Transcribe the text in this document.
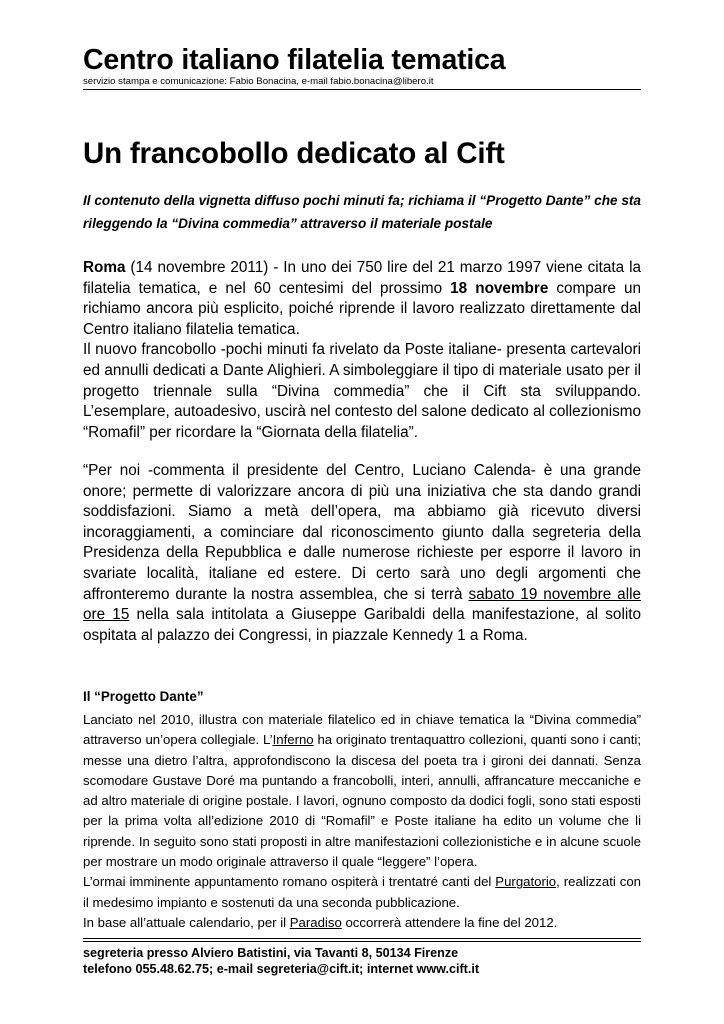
Centro italiano filatelia tematica
servizio stampa e comunicazione: Fabio Bonacina, e-mail fabio.bonacina@libero.it
Un francobollo dedicato al Cift
Il contenuto della vignetta diffuso pochi minuti fa; richiama il “Progetto Dante” che sta rileggendo la “Divina commedia” attraverso il materiale postale

Roma (14 novembre 2011) - In uno dei 750 lire del 21 marzo 1997 viene citata la filatelia tematica, e nel 60 centesimi del prossimo 18 novembre compare un richiamo ancora più esplicito, poiché riprende il lavoro realizzato direttamente dal Centro italiano filatelia tematica.

Il nuovo francobollo -pochi minuti fa rivelato da Poste italiane- presenta cartevalori ed annulli dedicati a Dante Alighieri. A simboleggiare il tipo di materiale usato per il progetto triennale sulla “Divina commedia” che il Cift sta sviluppando. L’esemplare, autoadesivo, uscirà nel contesto del salone dedicato al collezionismo “Romafil” per ricordare la “Giornata della filatelia”.

“Per noi -commenta il presidente del Centro, Luciano Calenda- è una grande onore; permette di valorizzare ancora di più una iniziativa che sta dando grandi soddisfazioni. Siamo a metà dell’opera, ma abbiamo già ricevuto diversi incoraggiamenti, a cominciare dal riconoscimento giunto dalla segreteria della Presidenza della Repubblica e dalle numerose richieste per esporre il lavoro in svariate località, italiane ed estere. Di certo sarà uno degli argomenti che affronteremo durante la nostra assemblea, che si terrà sabato 19 novembre alle ore 15 nella sala intitolata a Giuseppe Garibaldi della manifestazione, al solito ospitata al palazzo dei Congressi, in piazzale Kennedy 1 a Roma.

Il “Progetto Dante”

Lanciato nel 2010, illustra con materiale filatelico ed in chiave tematica la “Divina commedia” attraverso un’opera collegiale. L’Inferno ha originato trentaquattro collezioni, quanti sono i canti; messe una dietro l’altra, approfondiscono la discesa del poeta tra i gironi dei dannati. Senza scomodare Gustave Doré ma puntando a francobolli, interi, annulli, affrancature meccaniche e ad altro materiale di origine postale. I lavori, ognuno composto da dodici fogli, sono stati esposti per la prima volta all’edizione 2010 di “Romafil” e Poste italiane ha edito un volume che li riprende. In seguito sono stati proposti in altre manifestazioni collezionistiche e in alcune scuole per mostrare un modo originale attraverso il quale “leggere” l’opera.

L’ormai imminente appuntamento romano ospiterà i trentatré canti del Purgatorio, realizzati con il medesimo impianto e sostenuti da una seconda pubblicazione.

In base all’attuale calendario, per il Paradiso occorrerà attendere la fine del 2012.

segreteria presso Alviero Batistini, via Tavanti 8, 50134 Firenze
telefono 055.48.62.75; e-mail segreteria@cift.it; internet www.cift.it
